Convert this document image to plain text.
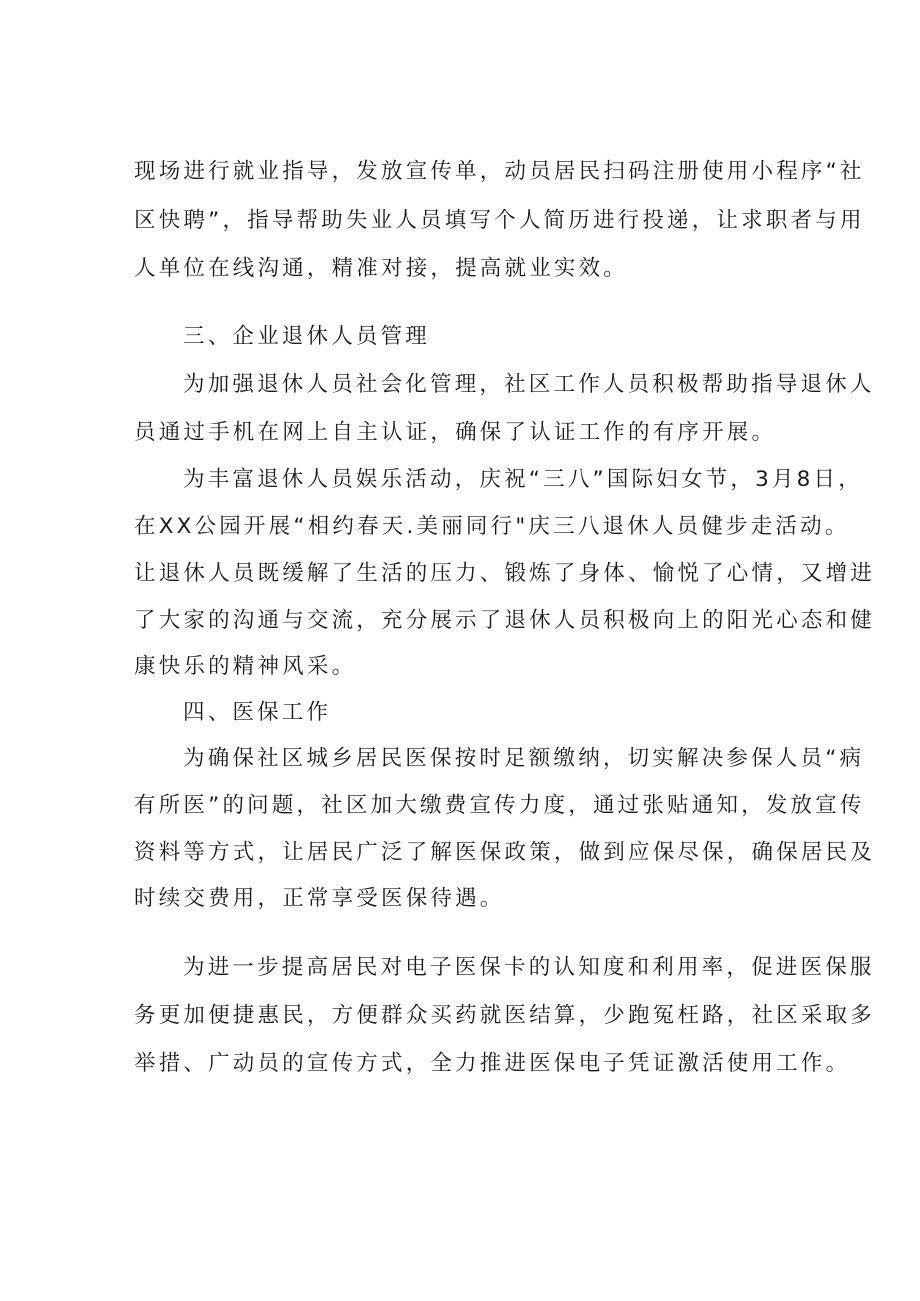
现场进行就业指导，发放宣传单，动员居民扫码注册使用小程序“社
区快聘”，指导帮助失业人员填写个人简历进行投递，让求职者与用
人单位在线沟通，精准对接，提高就业实效。
三、企业退休人员管理
为加强退休人员社会化管理，社区工作人员积极帮助指导退休人
员通过手机在网上自主认证，确保了认证工作的有序开展。
为丰富退休人员娱乐活动，庆祝“三八”国际妇女节，3月8日，
在XX公园开展“相约春天.美丽同行"庆三八退休人员健步走活动。
让退休人员既缓解了生活的压力、锻炼了身体、愉悦了心情，又增进
了大家的沟通与交流，充分展示了退休人员积极向上的阳光心态和健
康快乐的精神风采。
四、医保工作
为确保社区城乡居民医保按时足额缴纳，切实解决参保人员“病
有所医”的问题，社区加大缴费宣传力度，通过张贴通知，发放宣传
资料等方式，让居民广泛了解医保政策，做到应保尽保，确保居民及
时续交费用，正常享受医保待遇。
为进一步提高居民对电子医保卡的认知度和利用率，促进医保服
务更加便捷惠民，方便群众买药就医结算，少跑冤枉路，社区采取多
举措、广动员的宣传方式，全力推进医保电子凭证激活使用工作。
